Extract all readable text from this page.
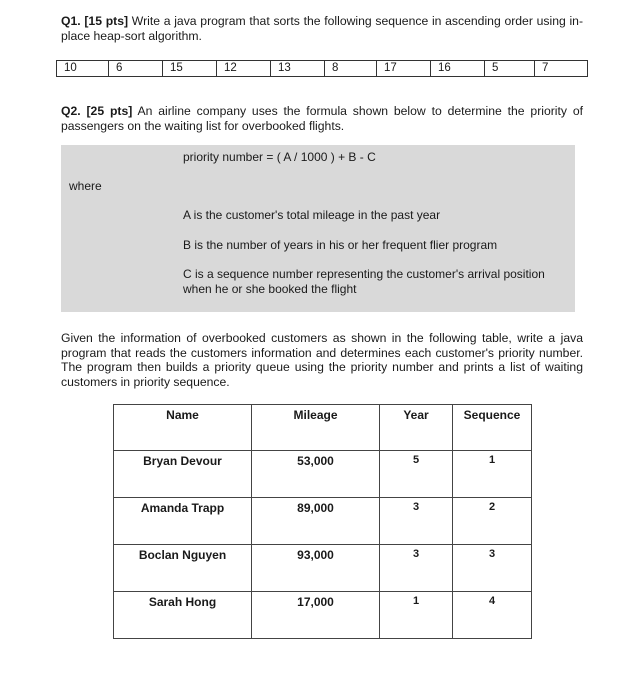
Q1. [15 pts] Write a java program that sorts the following sequence in ascending order using in-place heap-sort algorithm.
10	6	15	12	13	8	17	16	5	7
Q2. [25 pts] An airline company uses the formula shown below to determine the priority of passengers on the waiting list for overbooked flights.
priority number = ( A / 1000 ) + B - C
where
A is the customer's total mileage in the past year
B is the number of years in his or her frequent flier program
C is a sequence number representing the customer's arrival position when he or she booked the flight
Given the information of overbooked customers as shown in the following table, write a java program that reads the customers information and determines each customer's priority number. The program then builds a priority queue using the priority number and prints a list of waiting customers in priority sequence.
Name	Mileage	Year	Sequence
Bryan Devour	53,000	5	1
Amanda Trapp	89,000	3	2
Boclan Nguyen	93,000	3	3
Sarah Hong	17,000	1	4
